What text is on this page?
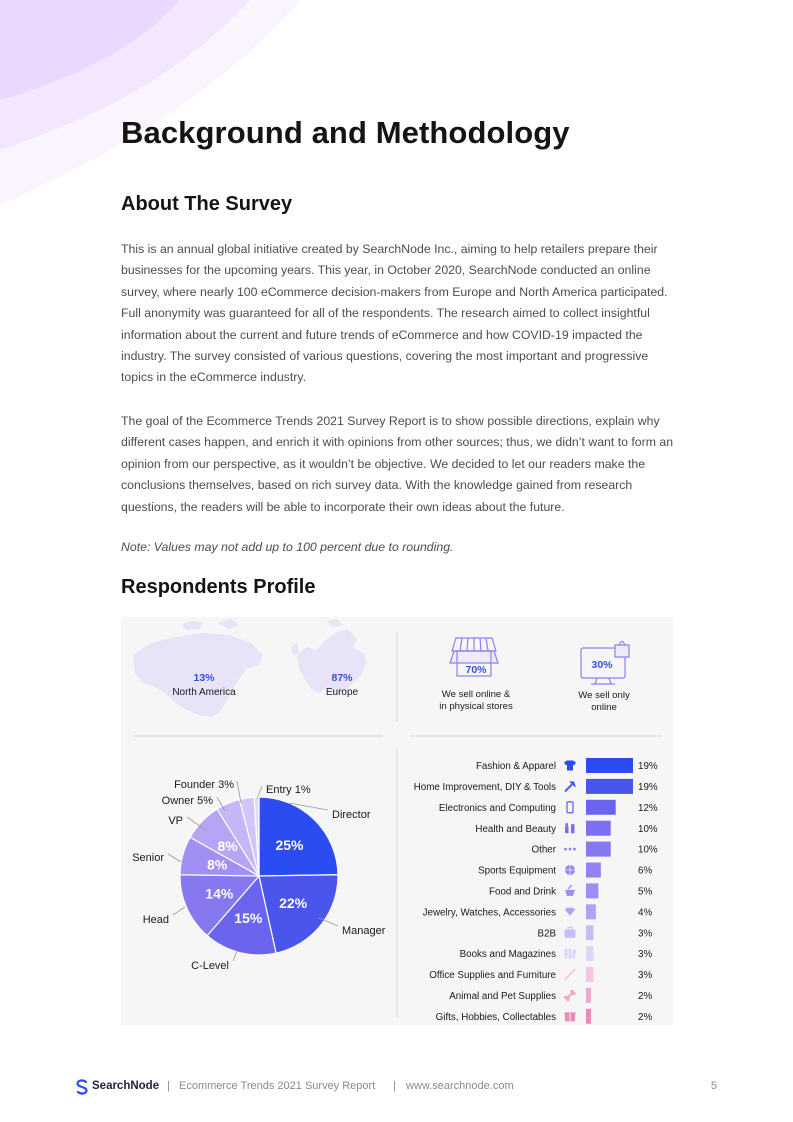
Background and Methodology
About The Survey

This is an annual global initiative created by SearchNode Inc., aiming to help retailers prepare their businesses for the upcoming years. This year, in October 2020, SearchNode conducted an online survey, where nearly 100 eCommerce decision-makers from Europe and North America participated. Full anonymity was guaranteed for all of the respondents. The research aimed to collect insightful information about the current and future trends of eCommerce and how COVID-19 impacted the industry. The survey consisted of various questions, covering the most important and progressive topics in the eCommerce industry.

The goal of the Ecommerce Trends 2021 Survey Report is to show possible directions, explain why different cases happen, and enrich it with opinions from other sources; thus, we didn’t want to form an opinion from our perspective, as it wouldn’t be objective. We decided to let our readers make the conclusions themselves, based on rich survey data. With the knowledge gained from research questions, the readers will be able to incorporate their own ideas about the future.

Note: Values may not add up to 100 percent due to rounding.

Respondents Profile
13%
North America
87%
Europe
70%
We sell online &
in physical stores
30%
We sell only
online
25%
Director
22%
Manager
15%
C-Level
14%
Head
8%
Senior
8%
VP
Owner 5%
Founder 3%	Entry 1%
Fashion & Apparel	19%
Home Improvement, DIY & Tools	19%
Electronics and Computing	12%
Health and Beauty	10%
Other	10%
Sports Equipment	6%
Food and Drink	5%
Jewelry, Watches, Accessories	4%
B2B	3%
Books and Magazines	3%
Office Supplies and Furniture	3%
Animal and Pet Supplies	2%
Gifts, Hobbies, Collectables	2%
SearchNode | Ecommerce Trends 2021 Survey Report | www.searchnode.com	5
